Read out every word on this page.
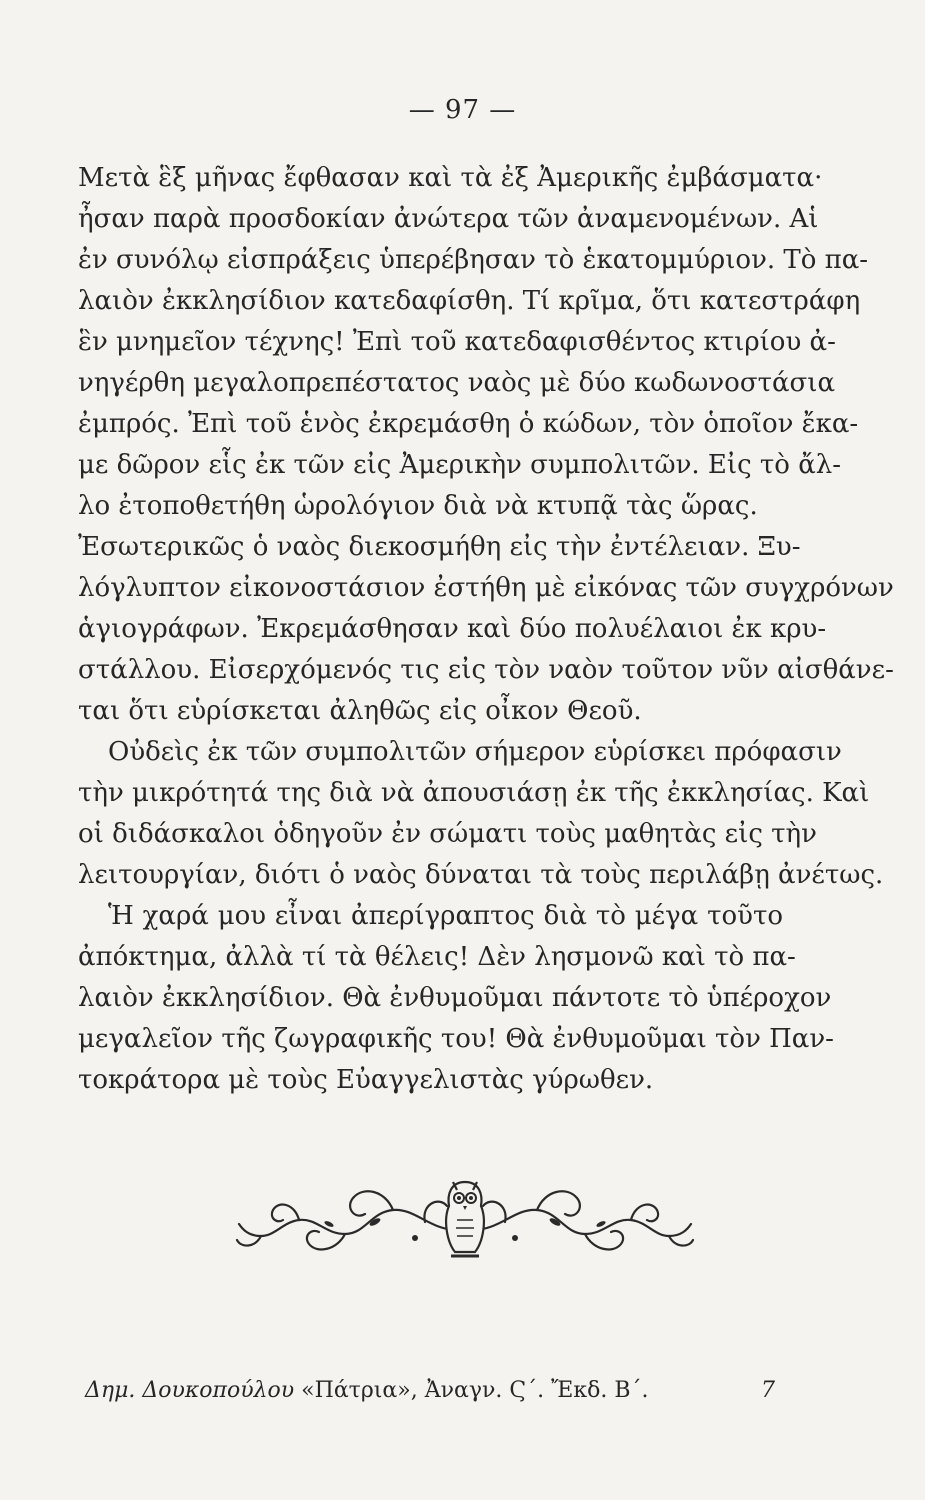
— 97 —
Μετὰ ἓξ μῆνας ἔφθασαν καὶ τὰ ἐξ Ἀμερικῆς ἐμβάσματα·
ἦσαν παρὰ προσδοκίαν ἀνώτερα τῶν ἀναμενομένων. Αἱ
ἐν συνόλῳ εἰσπράξεις ὑπερέβησαν τὸ ἑκατομμύριον. Τὸ πα-
λαιὸν ἐκκλησίδιον κατεδαφίσθη. Τί κρῖμα, ὅτι κατεστράφη
ἓν μνημεῖον τέχνης! Ἐπὶ τοῦ κατεδαφισθέντος κτιρίου ἀ-
νηγέρθη μεγαλοπρεπέστατος ναὸς μὲ δύο κωδωνοστάσια
ἐμπρός. Ἐπὶ τοῦ ἑνὸς ἐκρεμάσθη ὁ κώδων, τὸν ὁποῖον ἔκα-
με δῶρον εἷς ἐκ τῶν εἰς Ἀμερικὴν συμπολιτῶν. Εἰς τὸ ἄλ-
λο ἐτοποθετήθη ὡρολόγιον διὰ νὰ κτυπᾷ τὰς ὥρας.
Ἐσωτερικῶς ὁ ναὸς διεκοσμήθη εἰς τὴν ἐντέλειαν. Ξυ-
λόγλυπτον εἰκονοστάσιον ἐστήθη μὲ εἰκόνας τῶν συγχρόνων
ἁγιογράφων. Ἐκρεμάσθησαν καὶ δύο πολυέλαιοι ἐκ κρυ-
στάλλου. Εἰσερχόμενός τις εἰς τὸν ναὸν τοῦτον νῦν αἰσθάνε-
ται ὅτι εὑρίσκεται ἀληθῶς εἰς οἶκον Θεοῦ.
Οὐδεὶς ἐκ τῶν συμπολιτῶν σήμερον εὑρίσκει πρόφασιν
τὴν μικρότητά της διὰ νὰ ἀπουσιάσῃ ἐκ τῆς ἐκκλησίας. Καὶ
οἱ διδάσκαλοι ὁδηγοῦν ἐν σώματι τοὺς μαθητὰς εἰς τὴν
λειτουργίαν, διότι ὁ ναὸς δύναται τὰ τοὺς περιλάβῃ ἀνέτως.
Ἡ χαρά μου εἶναι ἀπερίγραπτος διὰ τὸ μέγα τοῦτο
ἀπόκτημα, ἀλλὰ τί τὰ θέλεις! Δὲν λησμονῶ καὶ τὸ πα-
λαιὸν ἐκκλησίδιον. Θὰ ἐνθυμοῦμαι πάντοτε τὸ ὑπέροχον
μεγαλεῖον τῆς ζωγραφικῆς του! Θὰ ἐνθυμοῦμαι τὸν Παν-
τοκράτορα μὲ τοὺς Εὐαγγελιστὰς γύρωθεν.
Δημ. Δουκοπούλου «Πάτρια», Ἀναγν. Ϛ΄. Ἔκδ. Β΄.	7
